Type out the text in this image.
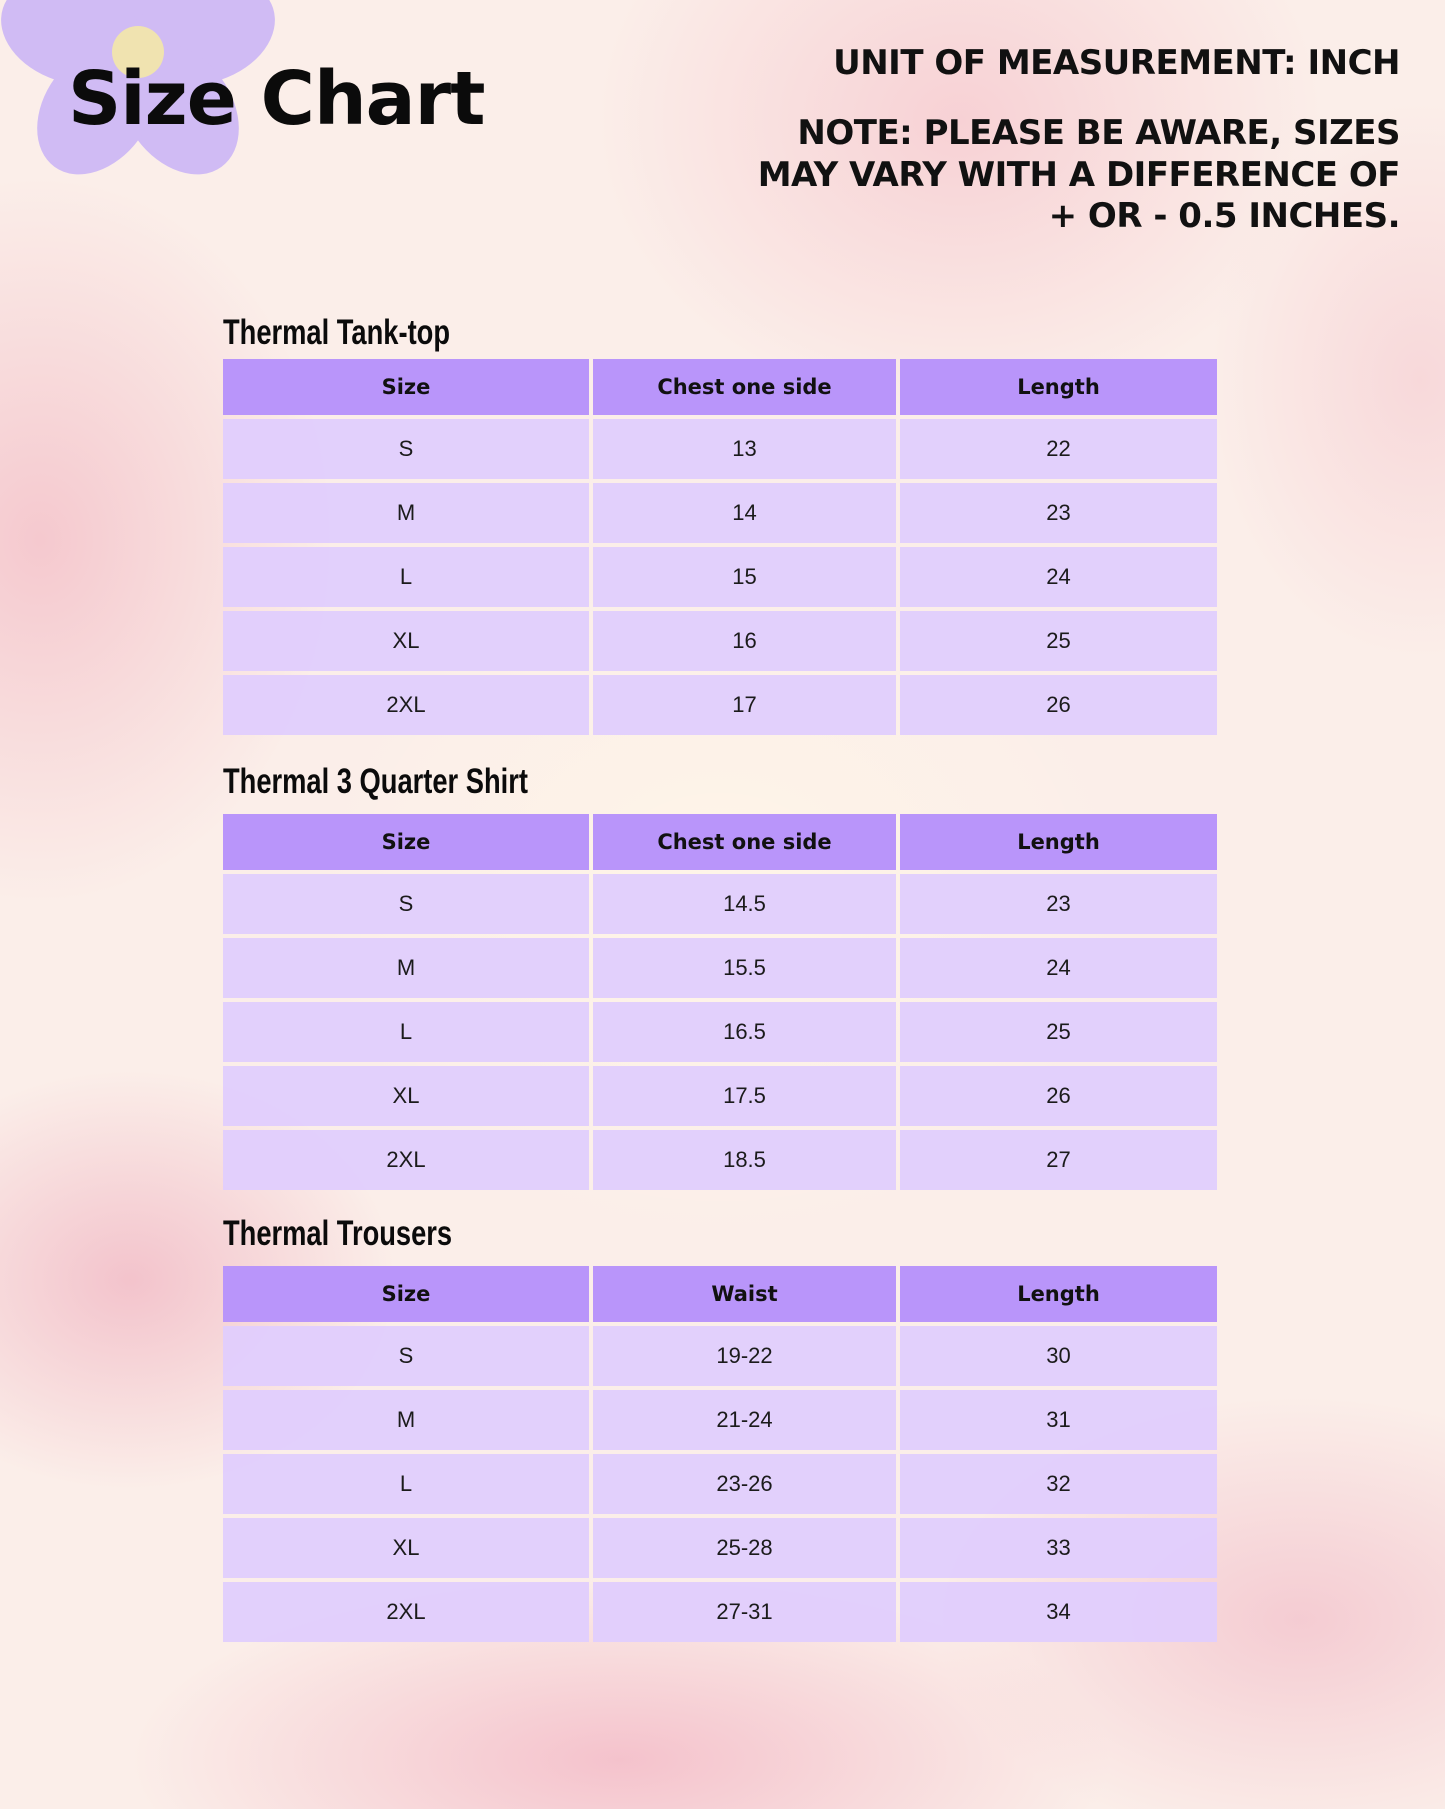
Size Chart	UNIT OF MEASUREMENT: INCH
NOTE: PLEASE BE AWARE, SIZES
MAY VARY WITH A DIFFERENCE OF
+ OR - 0.5 INCHES.
Thermal Tank-top
Size	Chest one side	Length
S	13	22
M	14	23
L	15	24
XL	16	25
2XL	17	26
Thermal 3 Quarter Shirt
Size	Chest one side	Length
S	14.5	23
M	15.5	24
L	16.5	25
XL	17.5	26
2XL	18.5	27
Thermal Trousers
Size	Waist	Length
S	19-22	30
M	21-24	31
L	23-26	32
XL	25-28	33
2XL	27-31	34
